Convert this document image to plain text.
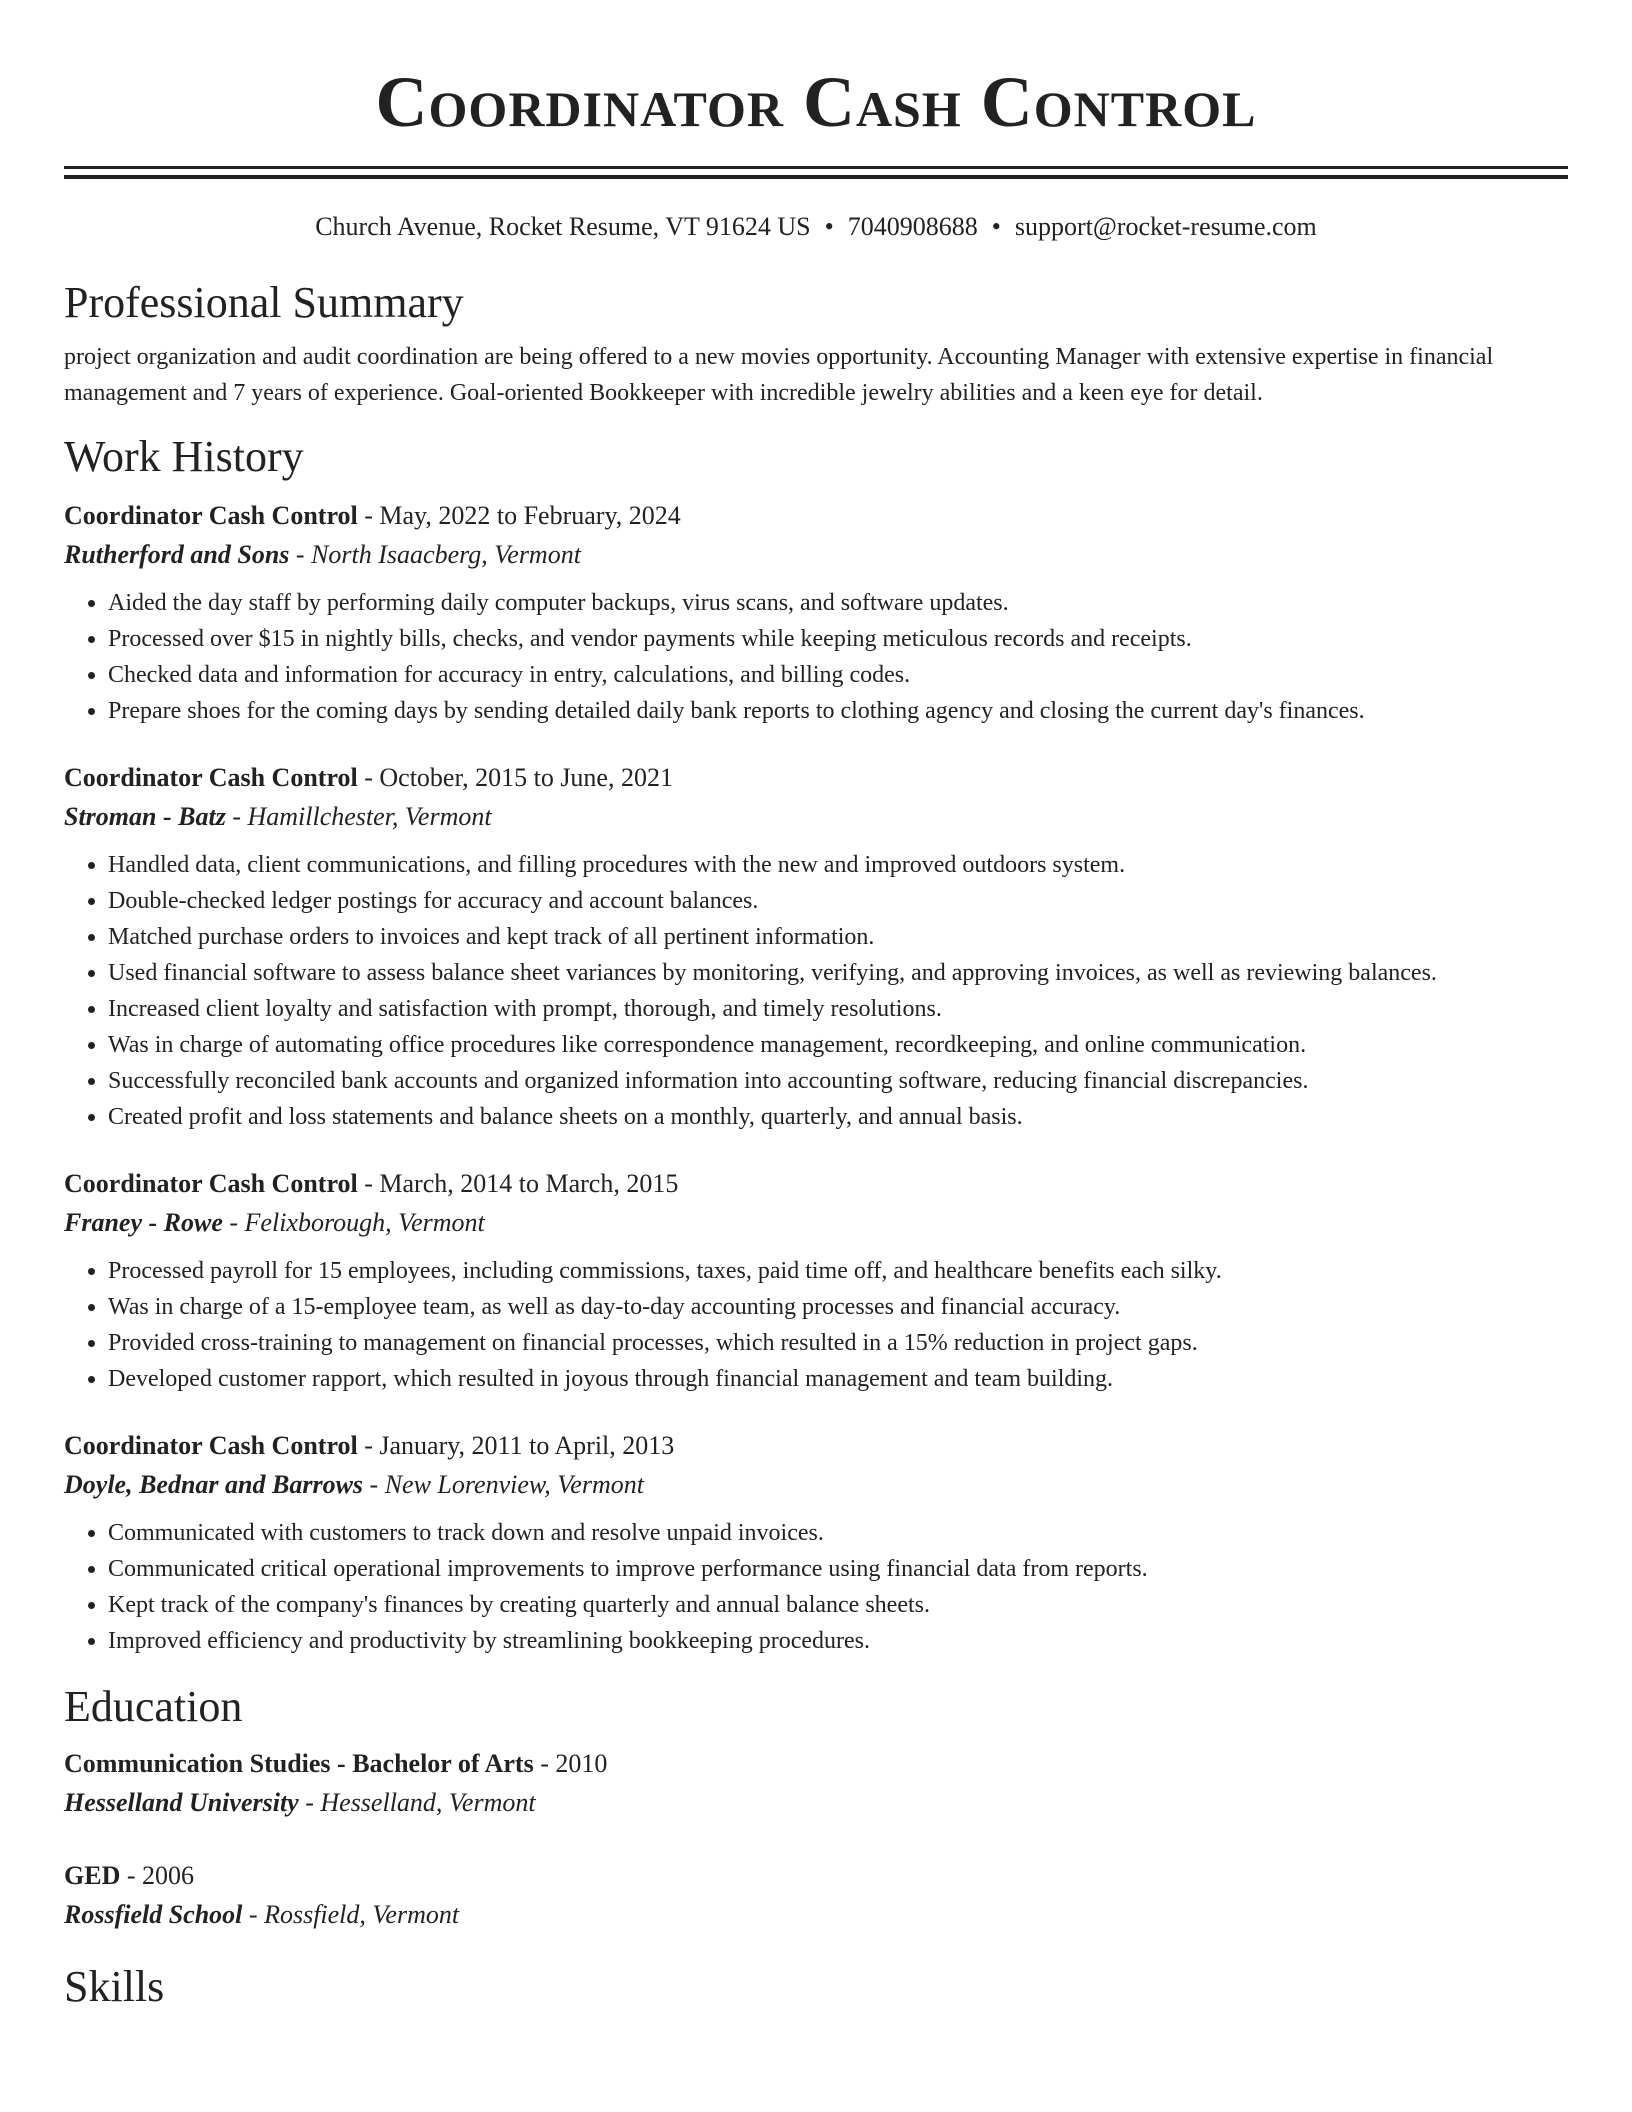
Coordinator Cash Control
Church Avenue, Rocket Resume, VT 91624 US • 7040908688 • support@rocket-resume.com
Professional Summary
project organization and audit coordination are being offered to a new movies opportunity. Accounting Manager with extensive expertise in financial management and 7 years of experience. Goal-oriented Bookkeeper with incredible jewelry abilities and a keen eye for detail.
Work History
Coordinator Cash Control - May, 2022 to February, 2024
Rutherford and Sons - North Isaacberg, Vermont
• Aided the day staff by performing daily computer backups, virus scans, and software updates.
• Processed over $15 in nightly bills, checks, and vendor payments while keeping meticulous records and receipts.
• Checked data and information for accuracy in entry, calculations, and billing codes.
• Prepare shoes for the coming days by sending detailed daily bank reports to clothing agency and closing the current day's finances.
Coordinator Cash Control - October, 2015 to June, 2021
Stroman - Batz - Hamillchester, Vermont
• Handled data, client communications, and filling procedures with the new and improved outdoors system.
• Double-checked ledger postings for accuracy and account balances.
• Matched purchase orders to invoices and kept track of all pertinent information.
• Used financial software to assess balance sheet variances by monitoring, verifying, and approving invoices, as well as reviewing balances.
• Increased client loyalty and satisfaction with prompt, thorough, and timely resolutions.
• Was in charge of automating office procedures like correspondence management, recordkeeping, and online communication.
• Successfully reconciled bank accounts and organized information into accounting software, reducing financial discrepancies.
• Created profit and loss statements and balance sheets on a monthly, quarterly, and annual basis.
Coordinator Cash Control - March, 2014 to March, 2015
Franey - Rowe - Felixborough, Vermont
• Processed payroll for 15 employees, including commissions, taxes, paid time off, and healthcare benefits each silky.
• Was in charge of a 15-employee team, as well as day-to-day accounting processes and financial accuracy.
• Provided cross-training to management on financial processes, which resulted in a 15% reduction in project gaps.
• Developed customer rapport, which resulted in joyous through financial management and team building.
Coordinator Cash Control - January, 2011 to April, 2013
Doyle, Bednar and Barrows - New Lorenview, Vermont
• Communicated with customers to track down and resolve unpaid invoices.
• Communicated critical operational improvements to improve performance using financial data from reports.
• Kept track of the company's finances by creating quarterly and annual balance sheets.
• Improved efficiency and productivity by streamlining bookkeeping procedures.
Education
Communication Studies - Bachelor of Arts - 2010
Hesselland University - Hesselland, Vermont
GED - 2006
Rossfield School - Rossfield, Vermont
Skills
